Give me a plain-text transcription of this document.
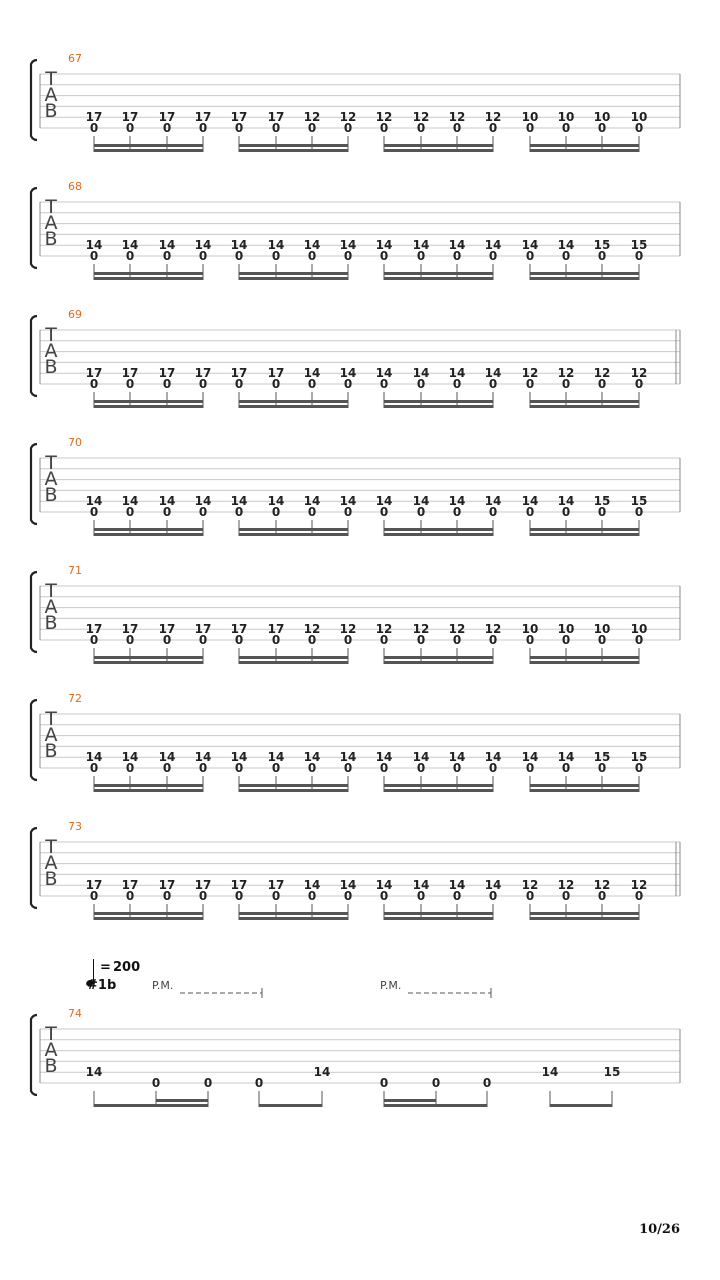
T
A
B
67
17
0
17
0
17
0
17
0
17
0
17
0
12
0
12
0
12
0
12
0
12
0
12
0
10
0
10
0
10
0
10
0
T
A
B
68
14
0
14
0
14
0
14
0
14
0
14
0
14
0
14
0
14
0
14
0
14
0
14
0
14
0
14
0
15
0
15
0
T
A
B
69
17
0
17
0
17
0
17
0
17
0
17
0
14
0
14
0
14
0
14
0
14
0
14
0
12
0
12
0
12
0
12
0
T
A
B
70
14
0
14
0
14
0
14
0
14
0
14
0
14
0
14
0
14
0
14
0
14
0
14
0
14
0
14
0
15
0
15
0
T
A
B
71
17
0
17
0
17
0
17
0
17
0
17
0
12
0
12
0
12
0
12
0
12
0
12
0
10
0
10
0
10
0
10
0
T
A
B
72
14
0
14
0
14
0
14
0
14
0
14
0
14
0
14
0
14
0
14
0
14
0
14
0
14
0
14
0
15
0
15
0
T
A
B
73
17
0
17
0
17
0
17
0
17
0
17
0
14
0
14
0
14
0
14
0
14
0
14
0
12
0
12
0
12
0
12
0
= 200
#1b	P.M.	P.M.
T
A
B
74
14
0	0	0
14
0	0	0
14	15
10/26
